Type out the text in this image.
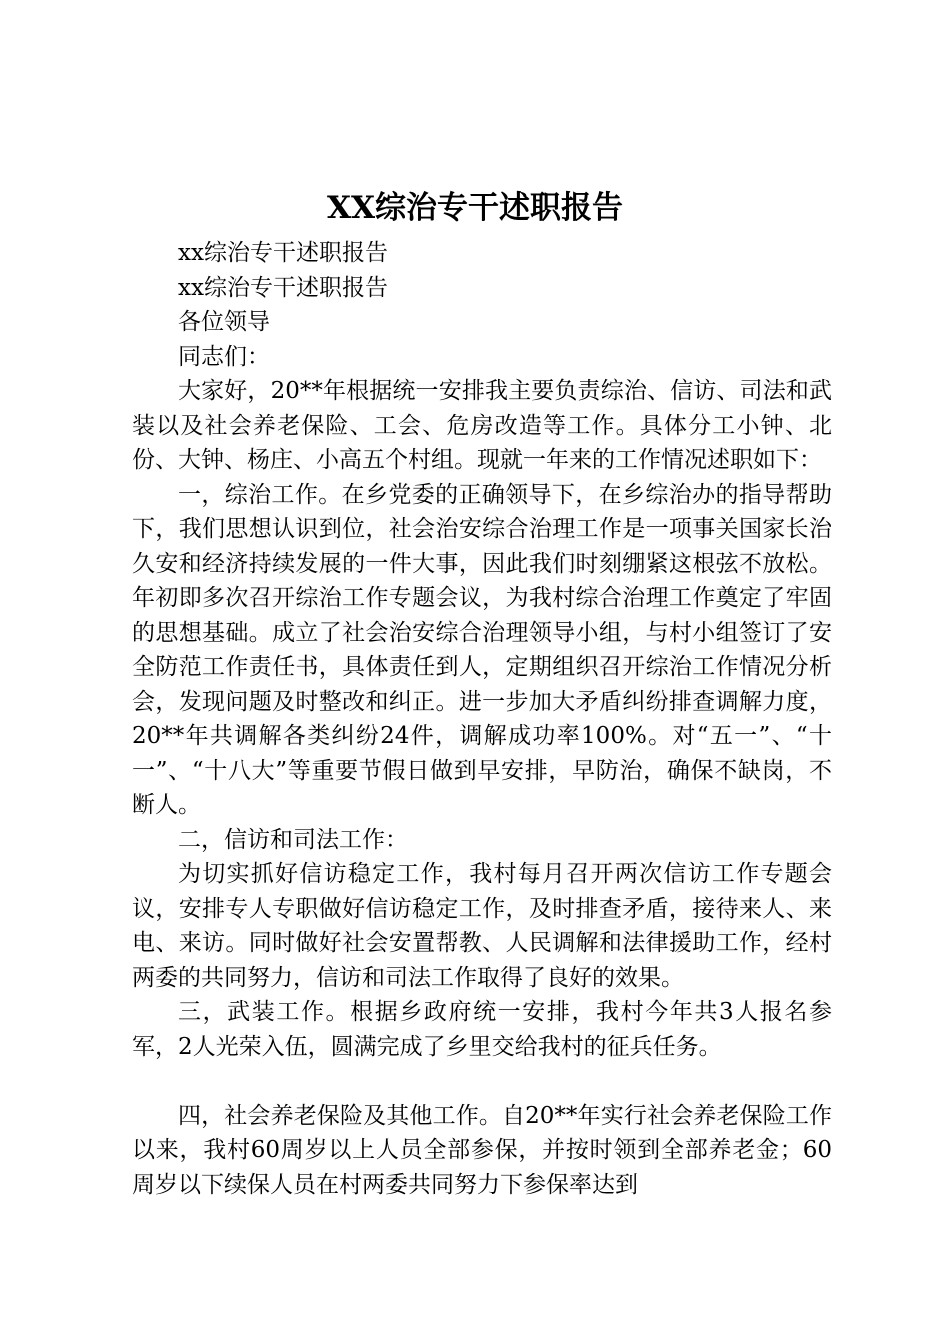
XX综治专干述职报告

xx综治专干述职报告

xx综治专干述职报告

各位领导

同志们：

大家好，20**年根据统一安排我主要负责综治、信访、司法和武装以及社会养老保险、工会、危房改造等工作。具体分工小钟、北份、大钟、杨庄、小高五个村组。现就一年来的工作情况述职如下：

一，综治工作。在乡党委的正确领导下，在乡综治办的指导帮助下，我们思想认识到位，社会治安综合治理工作是一项事关国家长治久安和经济持续发展的一件大事，因此我们时刻绷紧这根弦不放松。年初即多次召开综治工作专题会议，为我村综合治理工作奠定了牢固的思想基础。成立了社会治安综合治理领导小组，与村小组签订了安全防范工作责任书，具体责任到人，定期组织召开综治工作情况分析会，发现问题及时整改和纠正。进一步加大矛盾纠纷排查调解力度，20**年共调解各类纠纷24件，调解成功率100%。对“五一”、“十一”、“十八大”等重要节假日做到早安排，早防治，确保不缺岗，不断人。

二，信访和司法工作：

为切实抓好信访稳定工作，我村每月召开两次信访工作专题会议，安排专人专职做好信访稳定工作，及时排查矛盾，接待来人、来电、来访。同时做好社会安置帮教、人民调解和法律援助工作，经村两委的共同努力，信访和司法工作取得了良好的效果。

三，武装工作。根据乡政府统一安排，我村今年共3人报名参军，2人光荣入伍，圆满完成了乡里交给我村的征兵任务。

四，社会养老保险及其他工作。自20**年实行社会养老保险工作以来，我村60周岁以上人员全部参保，并按时领到全部养老金；60周岁以下续保人员在村两委共同努力下参保率达到
